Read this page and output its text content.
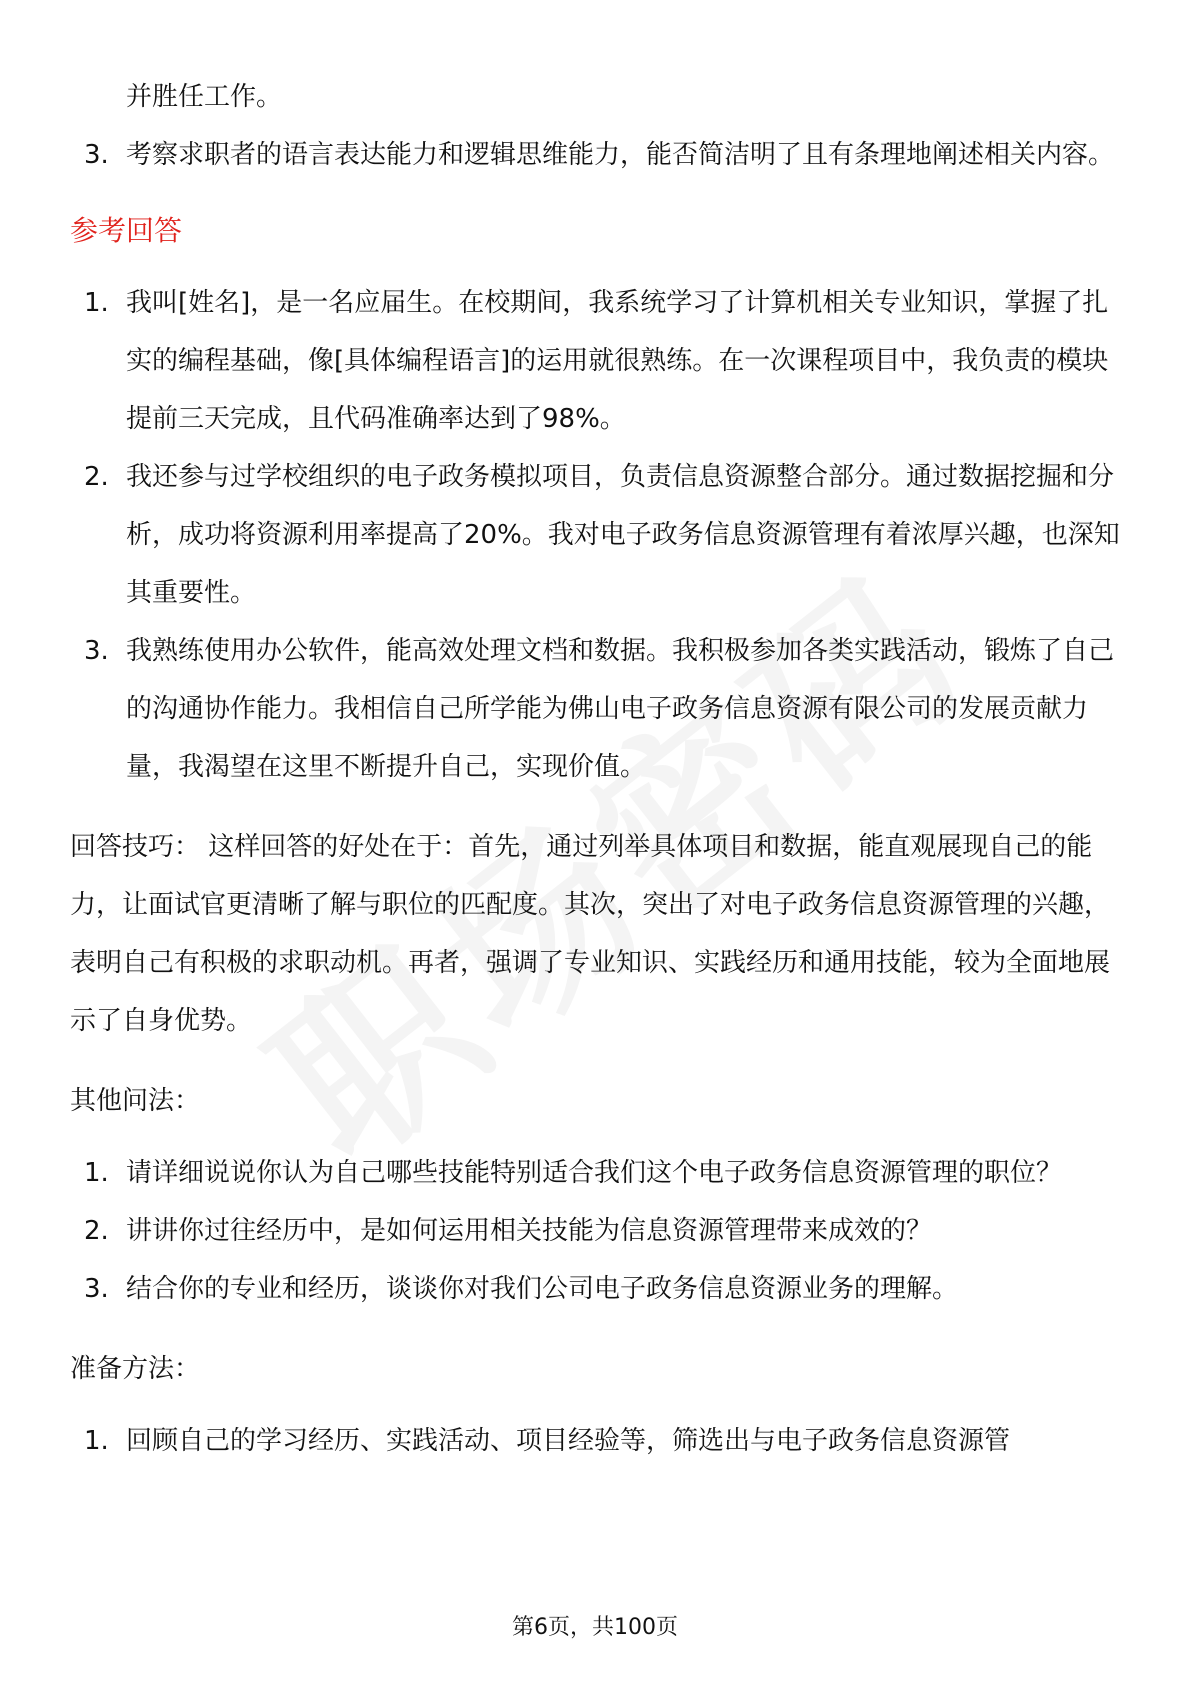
并胜任工作。
3. 考察求职者的语言表达能力和逻辑思维能力，能否简洁明了且有条理地阐述相关内容。
参考回答
1. 我叫[姓名]，是一名应届生。在校期间，我系统学习了计算机相关专业知识，掌握了扎实的编程基础，像[具体编程语言]的运用就很熟练。在一次课程项目中，我负责的模块提前三天完成，且代码准确率达到了98%。
2. 我还参与过学校组织的电子政务模拟项目，负责信息资源整合部分。通过数据挖掘和分析，成功将资源利用率提高了20%。我对电子政务信息资源管理有着浓厚兴趣，也深知其重要性。
3. 我熟练使用办公软件，能高效处理文档和数据。我积极参加各类实践活动，锻炼了自己的沟通协作能力。我相信自己所学能为佛山电子政务信息资源有限公司的发展贡献力量，我渴望在这里不断提升自己，实现价值。

回答技巧： 这样回答的好处在于：首先，通过列举具体项目和数据，能直观展现自己的能力，让面试官更清晰了解与职位的匹配度。其次，突出了对电子政务信息资源管理的兴趣，表明自己有积极的求职动机。再者，强调了专业知识、实践经历和通用技能，较为全面地展示了自身优势。

其他问法：
1. 请详细说说你认为自己哪些技能特别适合我们这个电子政务信息资源管理的职位？
2. 讲讲你过往经历中，是如何运用相关技能为信息资源管理带来成效的？
3. 结合你的专业和经历，谈谈你对我们公司电子政务信息资源业务的理解。
准备方法：
1. 回顾自己的学习经历、实践活动、项目经验等，筛选出与电子政务信息资源管
第6页，共100页
